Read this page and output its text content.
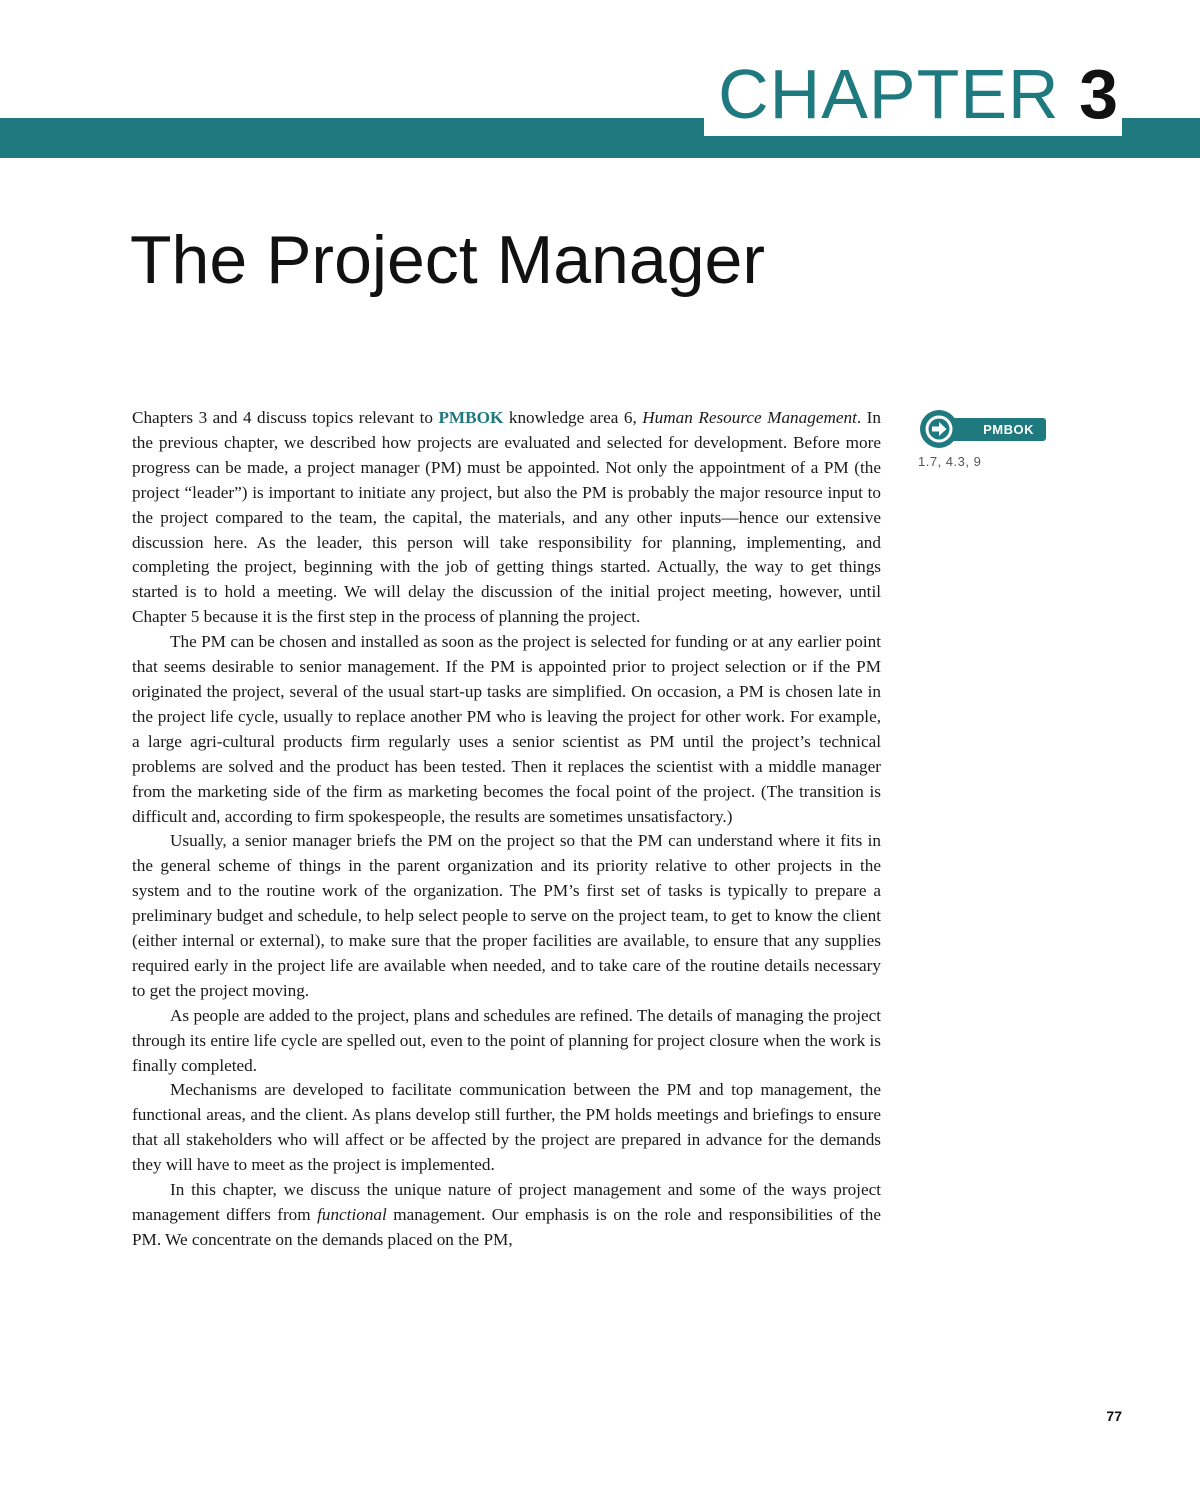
CHAPTER 3
The Project Manager

Chapters 3 and 4 discuss topics relevant to PMBOK knowledge area 6, Human Resource Management. In the previous chapter, we described how projects are evaluated and selected for development. Before more progress can be made, a project manager (PM) must be appointed. Not only the appointment of a PM (the project “leader”) is important to initiate any project, but also the PM is probably the major resource input to the project compared to the team, the capital, the materials, and any other inputs—hence our extensive discussion here. As the leader, this person will take responsibility for planning, implementing, and completing the project, beginning with the job of getting things started. Actually, the way to get things started is to hold a meeting. We will delay the discussion of the initial project meeting, however, until Chapter 5 because it is the first step in the process of planning the project.

The PM can be chosen and installed as soon as the project is selected for funding or at any earlier point that seems desirable to senior management. If the PM is appointed prior to project selection or if the PM originated the project, several of the usual start-up tasks are simplified. On occasion, a PM is chosen late in the project life cycle, usually to replace another PM who is leaving the project for other work. For example, a large agri-cultural products firm regularly uses a senior scientist as PM until the project’s technical problems are solved and the product has been tested. Then it replaces the scientist with a middle manager from the marketing side of the firm as marketing becomes the focal point of the project. (The transition is difficult and, according to firm spokespeople, the results are sometimes unsatisfactory.)

Usually, a senior manager briefs the PM on the project so that the PM can understand where it fits in the general scheme of things in the parent organization and its priority relative to other projects in the system and to the routine work of the organization. The PM’s first set of tasks is typically to prepare a preliminary budget and schedule, to help select people to serve on the project team, to get to know the client (either internal or external), to make sure that the proper facilities are available, to ensure that any supplies required early in the project life are available when needed, and to take care of the routine details necessary to get the project moving.

As people are added to the project, plans and schedules are refined. The details of managing the project through its entire life cycle are spelled out, even to the point of planning for project closure when the work is finally completed.

Mechanisms are developed to facilitate communication between the PM and top management, the functional areas, and the client. As plans develop still further, the PM holds meetings and briefings to ensure that all stakeholders who will affect or be affected by the project are prepared in advance for the demands they will have to meet as the project is implemented.

In this chapter, we discuss the unique nature of project management and some of the ways project management differs from functional management. Our emphasis is on the role and responsibilities of the PM. We concentrate on the demands placed on the PM,

PMBOK
1.7, 4.3, 9
77
